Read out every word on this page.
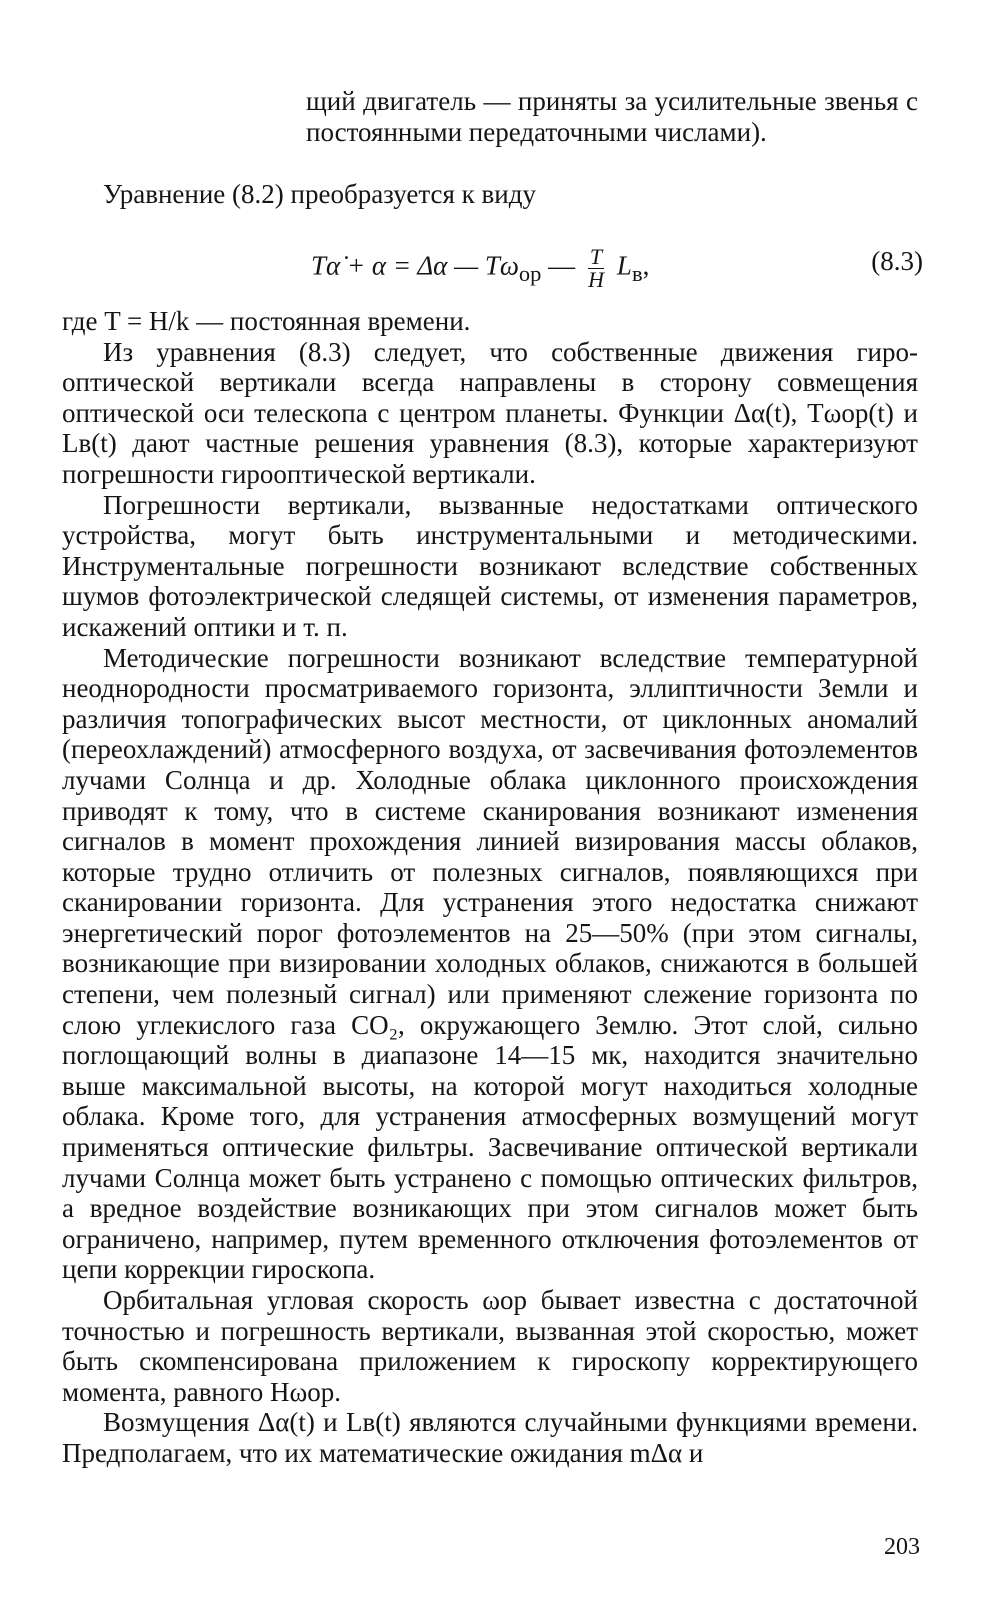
щий двигатель — приняты за усилительные звенья с постоянными передаточными числами).
Уравнение (8.2) преобразуется к виду
Tα̇ + α = Δα — $T\omega_{ор}$ — $\frac{T}{H} L_в$,	(8.3)

где T = H/k — постоянная времени.

Из уравнения (8.3) следует, что собственные движения гиро-оптической вертикали всегда направлены в сторону совмещения оптической оси телескопа с центром планеты. Функции Δα(t), Tωор(t) и Lв(t) дают частные решения уравнения (8.3), которые характеризуют погрешности гирооптической вертикали.

Погрешности вертикали, вызванные недостатками оптического устройства, могут быть инструментальными и методическими. Инструментальные погрешности возникают вследствие собственных шумов фотоэлектрической следящей системы, от изменения параметров, искажений оптики и т. п.

Методические погрешности возникают вследствие температурной неоднородности просматриваемого горизонта, эллиптичности Земли и различия топографических высот местности, от циклонных аномалий (переохлаждений) атмосферного воздуха, от засвечивания фотоэлементов лучами Солнца и др. Холодные облака циклонного происхождения приводят к тому, что в системе сканирования возникают изменения сигналов в момент прохождения линией визирования массы облаков, которые трудно отличить от полезных сигналов, появляющихся при сканировании горизонта. Для устранения этого недостатка снижают энергетический порог фотоэлементов на 25—50% (при этом сигналы, возникающие при визировании холодных облаков, снижаются в большей степени, чем полезный сигнал) или применяют слежение горизонта по слою углекислого газа CO₂, окружающего Землю. Этот слой, сильно поглощающий волны в диапазоне 14—15 мк, находится значительно выше максимальной высоты, на которой могут находиться холодные облака. Кроме того, для устранения атмосферных возмущений могут применяться оптические фильтры. Засвечивание оптической вертикали лучами Солнца может быть устранено с помощью оптических фильтров, а вредное воздействие возникающих при этом сигналов может быть ограничено, например, путем временного отключения фотоэлементов от цепи коррекции гироскопа.

Орбитальная угловая скорость ωор бывает известна с достаточной точностью и погрешность вертикали, вызванная этой скоростью, может быть скомпенсирована приложением к гироскопу корректирующего момента, равного Hωор.

Возмущения Δα(t) и Lв(t) являются случайными функциями времени. Предполагаем, что их математические ожидания mΔα и

203
